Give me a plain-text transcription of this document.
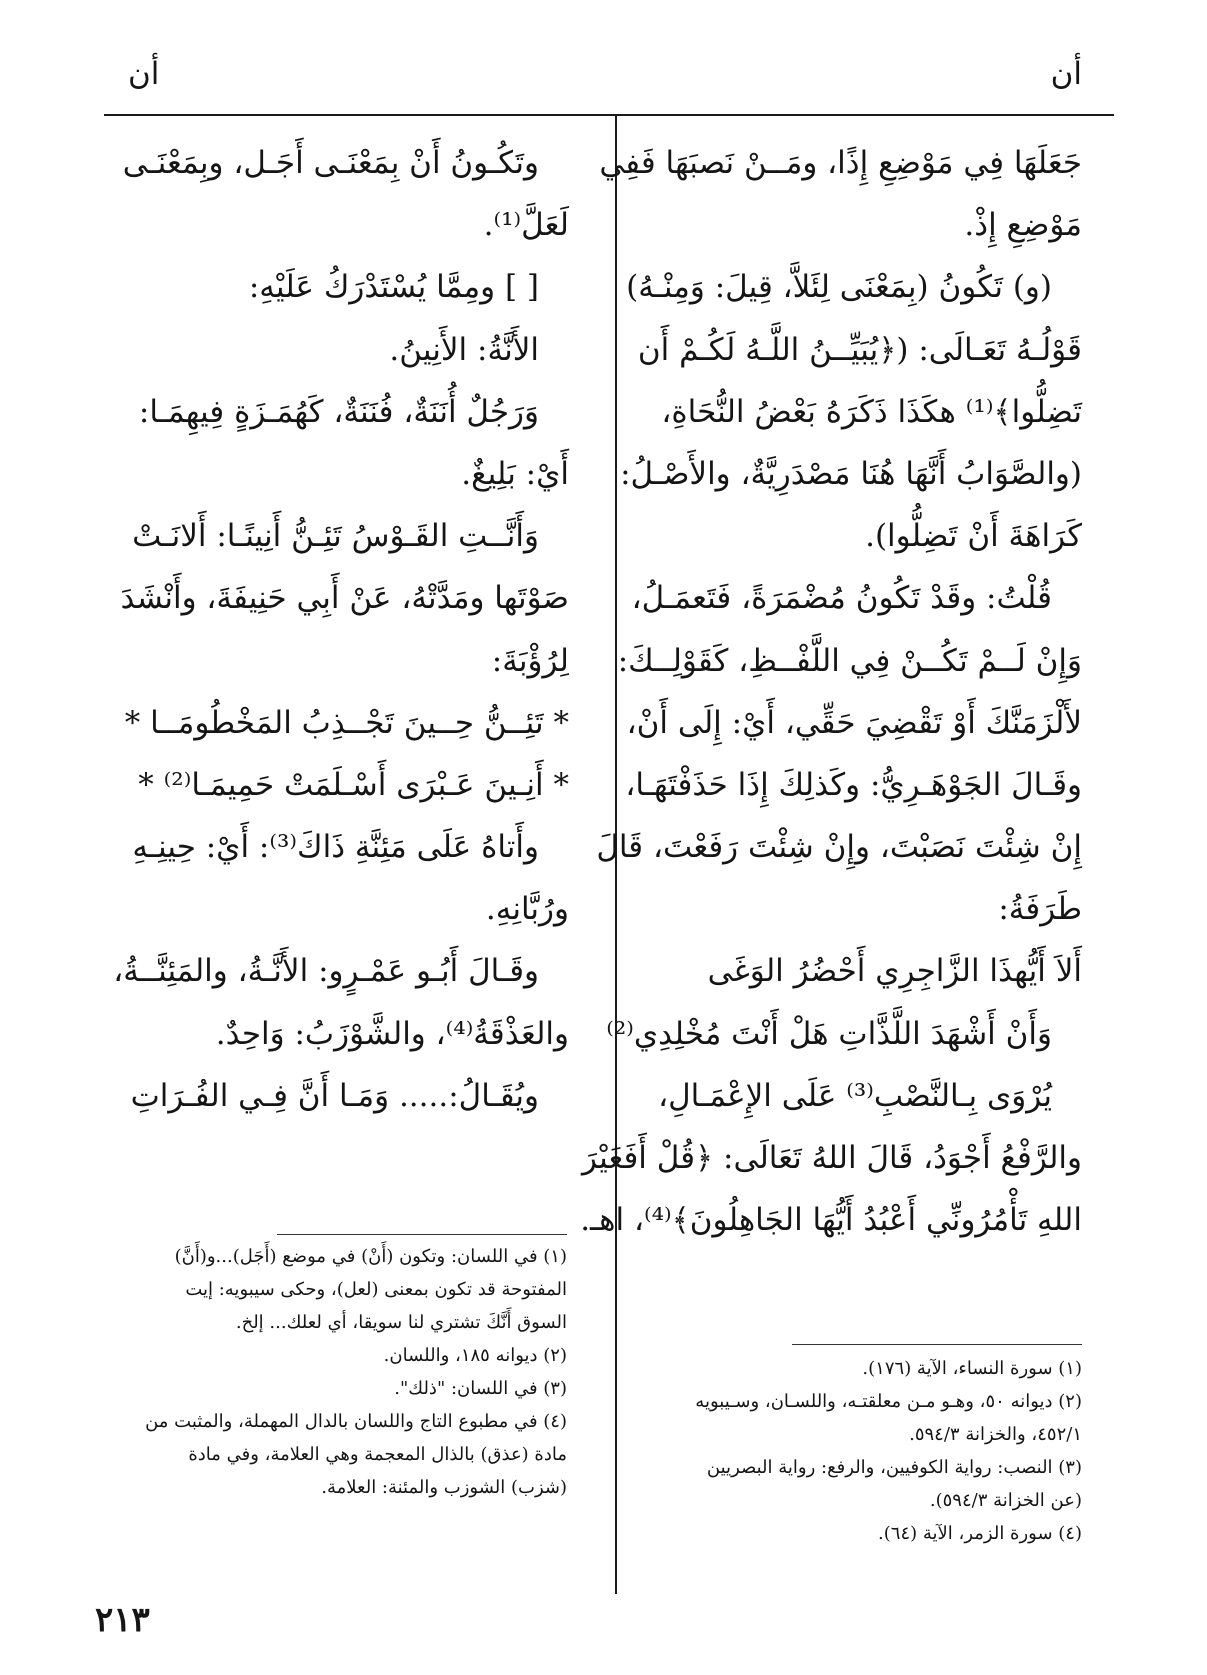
أن
أن
جَعَلَهَا فِي مَوْضِعِ إِذًا، ومَــنْ نَصبَهَا فَفِي
مَوْضِعِ إِذْ.
(و) تَكُونُ (بِمَعْنَى لِئَلاَّ، قِيلَ: وَمِنْـهُ)
قَوْلُـهُ تَعَـالَى: (﴿يُبَيِّــنُ اللَّـهُ لَكُـمْ أَن
تَضِلُّوا﴾⁽¹⁾ هكَذَا ذَكَرَهُ بَعْضُ النُّحَاةِ،
(والصَّوَابُ أَنَّهَا هُنَا مَصْدَرِيَّةٌ، والأَصْـلُ:
كَرَاهَةَ أَنْ تَضِلُّوا).
قُلْتُ: وقَدْ تَكُونُ مُضْمَرَةً، فَتَعمَـلُ،
وَإِنْ لَــمْ تَكُــنْ فِي اللَّفْــظِ، كَقَوْلِــكَ:
لأَلْزَمَنَّكَ أَوْ تَقْضِيَ حَقِّي، أَيْ: إِلَى أَنْ،
وقَـالَ الجَوْهَـرِيُّ: وكَذلِكَ إِذَا حَذَفْتَهَـا،
إِنْ شِئْتَ نَصَبْتَ، وإِنْ شِئْتَ رَفَعْتَ، قَالَ
طَرَفَةُ:
أَلاَ أَيُّهذَا الزَّاجِرِي أَحْضُرُ الوَغَى
وَأَنْ أَشْهَدَ اللَّذَّاتِ هَلْ أَنْتَ مُخْلِدِي⁽²⁾
يُرْوَى بِـالنَّصْبِ⁽³⁾ عَلَى الإِعْمَـالِ،
والرَّفْعُ أَجْوَدُ، قَالَ اللهُ تَعَالَى: ﴿قُلْ أَفَغَيْرَ
اللهِ تَأْمُرُونِّي أَعْبُدُ أَيُّهَا الجَاهِلُونَ﴾⁽⁴⁾، اهـ.
وتَكُـونُ أَنْ بِمَعْنَـى أَجَـل، وبِمَعْنَـى
لَعَلَّ⁽¹⁾.
[ ] ومِمَّا يُسْتَدْرَكُ عَلَيْهِ:
الأَنَّةُ: الأَنِينُ.
وَرَجُلٌ أُنَنَةٌ، فُنَنَةٌ، كَهُمَـزَةٍ فِيهِمَـا:
أَيْ: بَلِيغٌ.
وَأَنَّــتِ القَـوْسُ تَئِـنُّ أَنِينًـا: أَلانَـتْ
صَوْتَها ومَدَّتْهُ، عَنْ أَبِي حَنِيفَةَ، وأَنْشَدَ
لِرُؤْبَةَ:
* تَئِــنُّ حِــينَ تَجْــذِبُ المَخْطُومَــا *
* أَنِـينَ عَـبْرَى أَسْـلَمَتْ حَمِيمَـا⁽²⁾ *
وأَتاهُ عَلَى مَئِنَّةِ ذَاكَ⁽³⁾: أَيْ: حِينِـهِ
ورُبَّانِهِ.
وقَـالَ أَبُـو عَمْـرٍو: الأَنَّـةُ، والمَئِنَّــةُ،
والعَذْقَةُ⁽⁴⁾، والشَّوْزَبُ: وَاحِدٌ.
ويُقَـالُ:..... وَمَـا أَنَّ فِـي الفُـرَاتِ
(١) في اللسان: وتكون (أَنْ) في موضع (أَجَل)...و(أَنَّ)
المفتوحة قد تكون بمعنى (لعل)، وحكى سيبويه: إيت
السوق أَنَّكَ تشتري لنا سويقا، أي لعلك... إلخ.
(٢) ديوانه ١٨٥، واللسان.
(٣) في اللسان: "ذلك".
(٤) في مطبوع التاج واللسان بالدال المهملة، والمثبت من
مادة (عذق) بالذال المعجمة وهي العلامة، وفي مادة
(شزب) الشوزب والمئنة: العلامة.
(١) سورة النساء، الآية (١٧٦).
(٢) ديوانه ٥٠، وهـو مـن معلقتـه، واللسـان، وسـيبويه
٤٥٢/١، والخزانة ٥٩٤/٣.
(٣) النصب: رواية الكوفيين، والرفع: رواية البصريين
(عن الخزانة ٥٩٤/٣).
(٤) سورة الزمر، الآية (٦٤).
٢١٣
